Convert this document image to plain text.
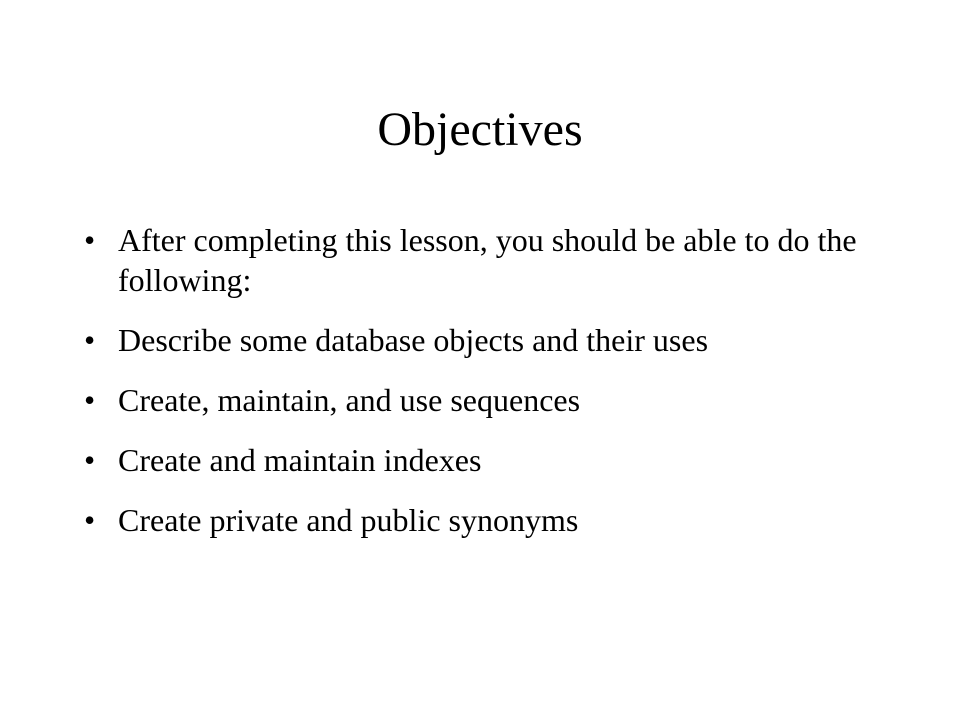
Objectives
• After completing this lesson, you should be able to do the following:
• Describe some database objects and their uses
• Create, maintain, and use sequences
• Create and maintain indexes
• Create private and public synonyms
